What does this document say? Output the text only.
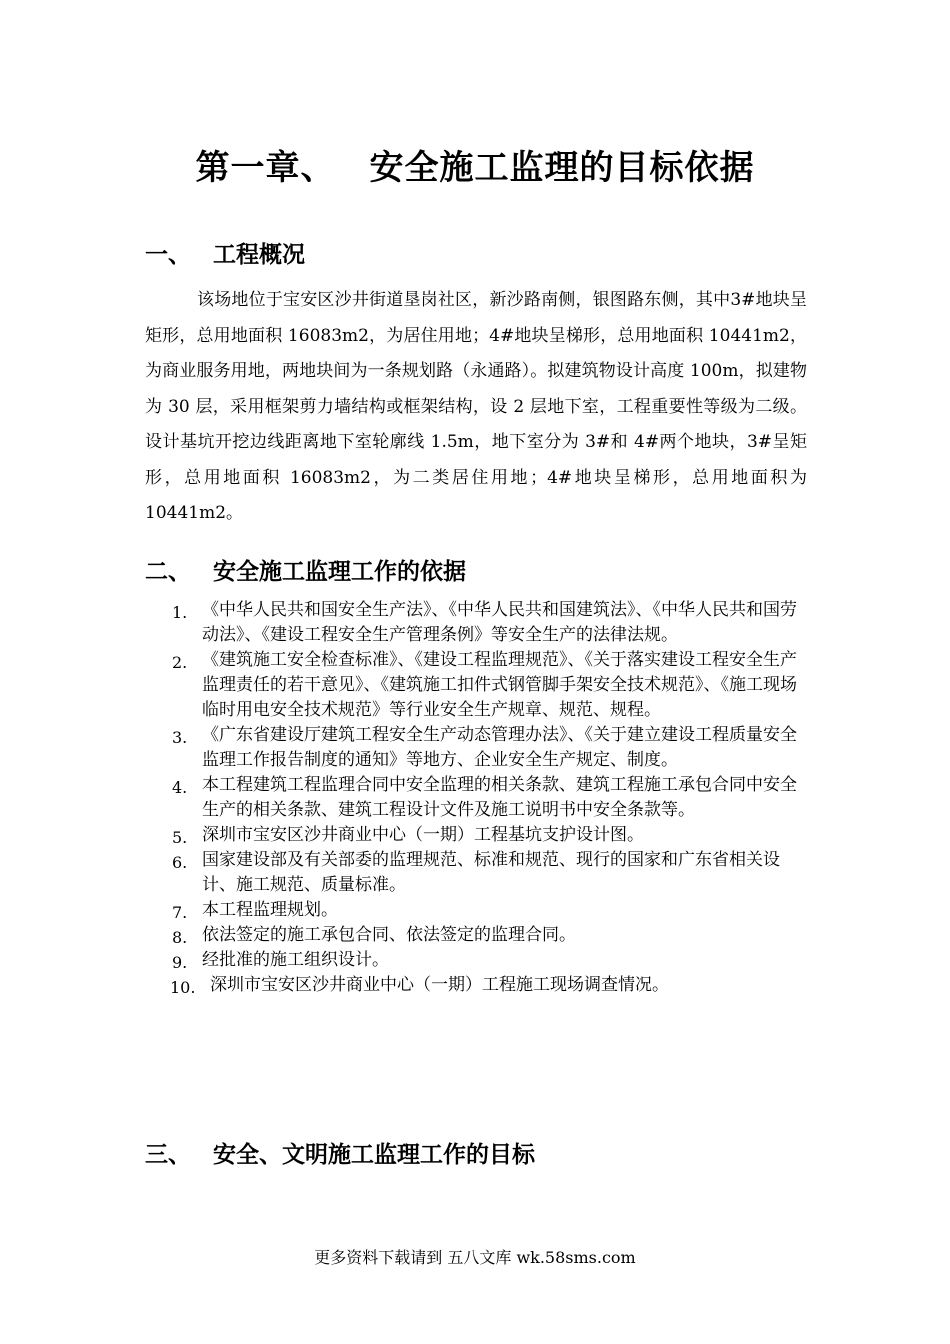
第一章、 安全施工监理的目标依据
一、 工程概况
该场地位于宝安区沙井街道垦岗社区，新沙路南侧，银图路东侧，其中3#地块呈矩形，总用地面积 16083m2，为居住用地；4#地块呈梯形，总用地面积 10441m2，为商业服务用地，两地块间为一条规划路（永通路）。拟建筑物设计高度 100m，拟建物为 30 层，采用框架剪力墙结构或框架结构，设 2 层地下室，工程重要性等级为二级。设计基坑开挖边线距离地下室轮廓线 1.5m，地下室分为 3#和 4#两个地块，3#呈矩形，总用地面积 16083m2，为二类居住用地；4#地块呈梯形，总用地面积为 10441m2。
二、 安全施工监理工作的依据
1. 《中华人民共和国安全生产法》、《中华人民共和国建筑法》、《中华人民共和国劳动法》、《建设工程安全生产管理条例》等安全生产的法律法规。
2. 《建筑施工安全检查标准》、《建设工程监理规范》、《关于落实建设工程安全生产监理责任的若干意见》、《建筑施工扣件式钢管脚手架安全技术规范》、《施工现场临时用电安全技术规范》等行业安全生产规章、规范、规程。
3. 《广东省建设厅建筑工程安全生产动态管理办法》、《关于建立建设工程质量安全监理工作报告制度的通知》等地方、企业安全生产规定、制度。
4. 本工程建筑工程监理合同中安全监理的相关条款、建筑工程施工承包合同中安全生产的相关条款、建筑工程设计文件及施工说明书中安全条款等。
5. 深圳市宝安区沙井商业中心（一期）工程基坑支护设计图。
6. 国家建设部及有关部委的监理规范、标准和规范、现行的国家和广东省相关设计、施工规范、质量标准。
7. 本工程监理规划。
8. 依法签定的施工承包合同、依法签定的监理合同。
9. 经批准的施工组织设计。
10. 深圳市宝安区沙井商业中心（一期）工程施工现场调查情况。
三、 安全、文明施工监理工作的目标
更多资料下载请到 五八文库 wk.58sms.com
